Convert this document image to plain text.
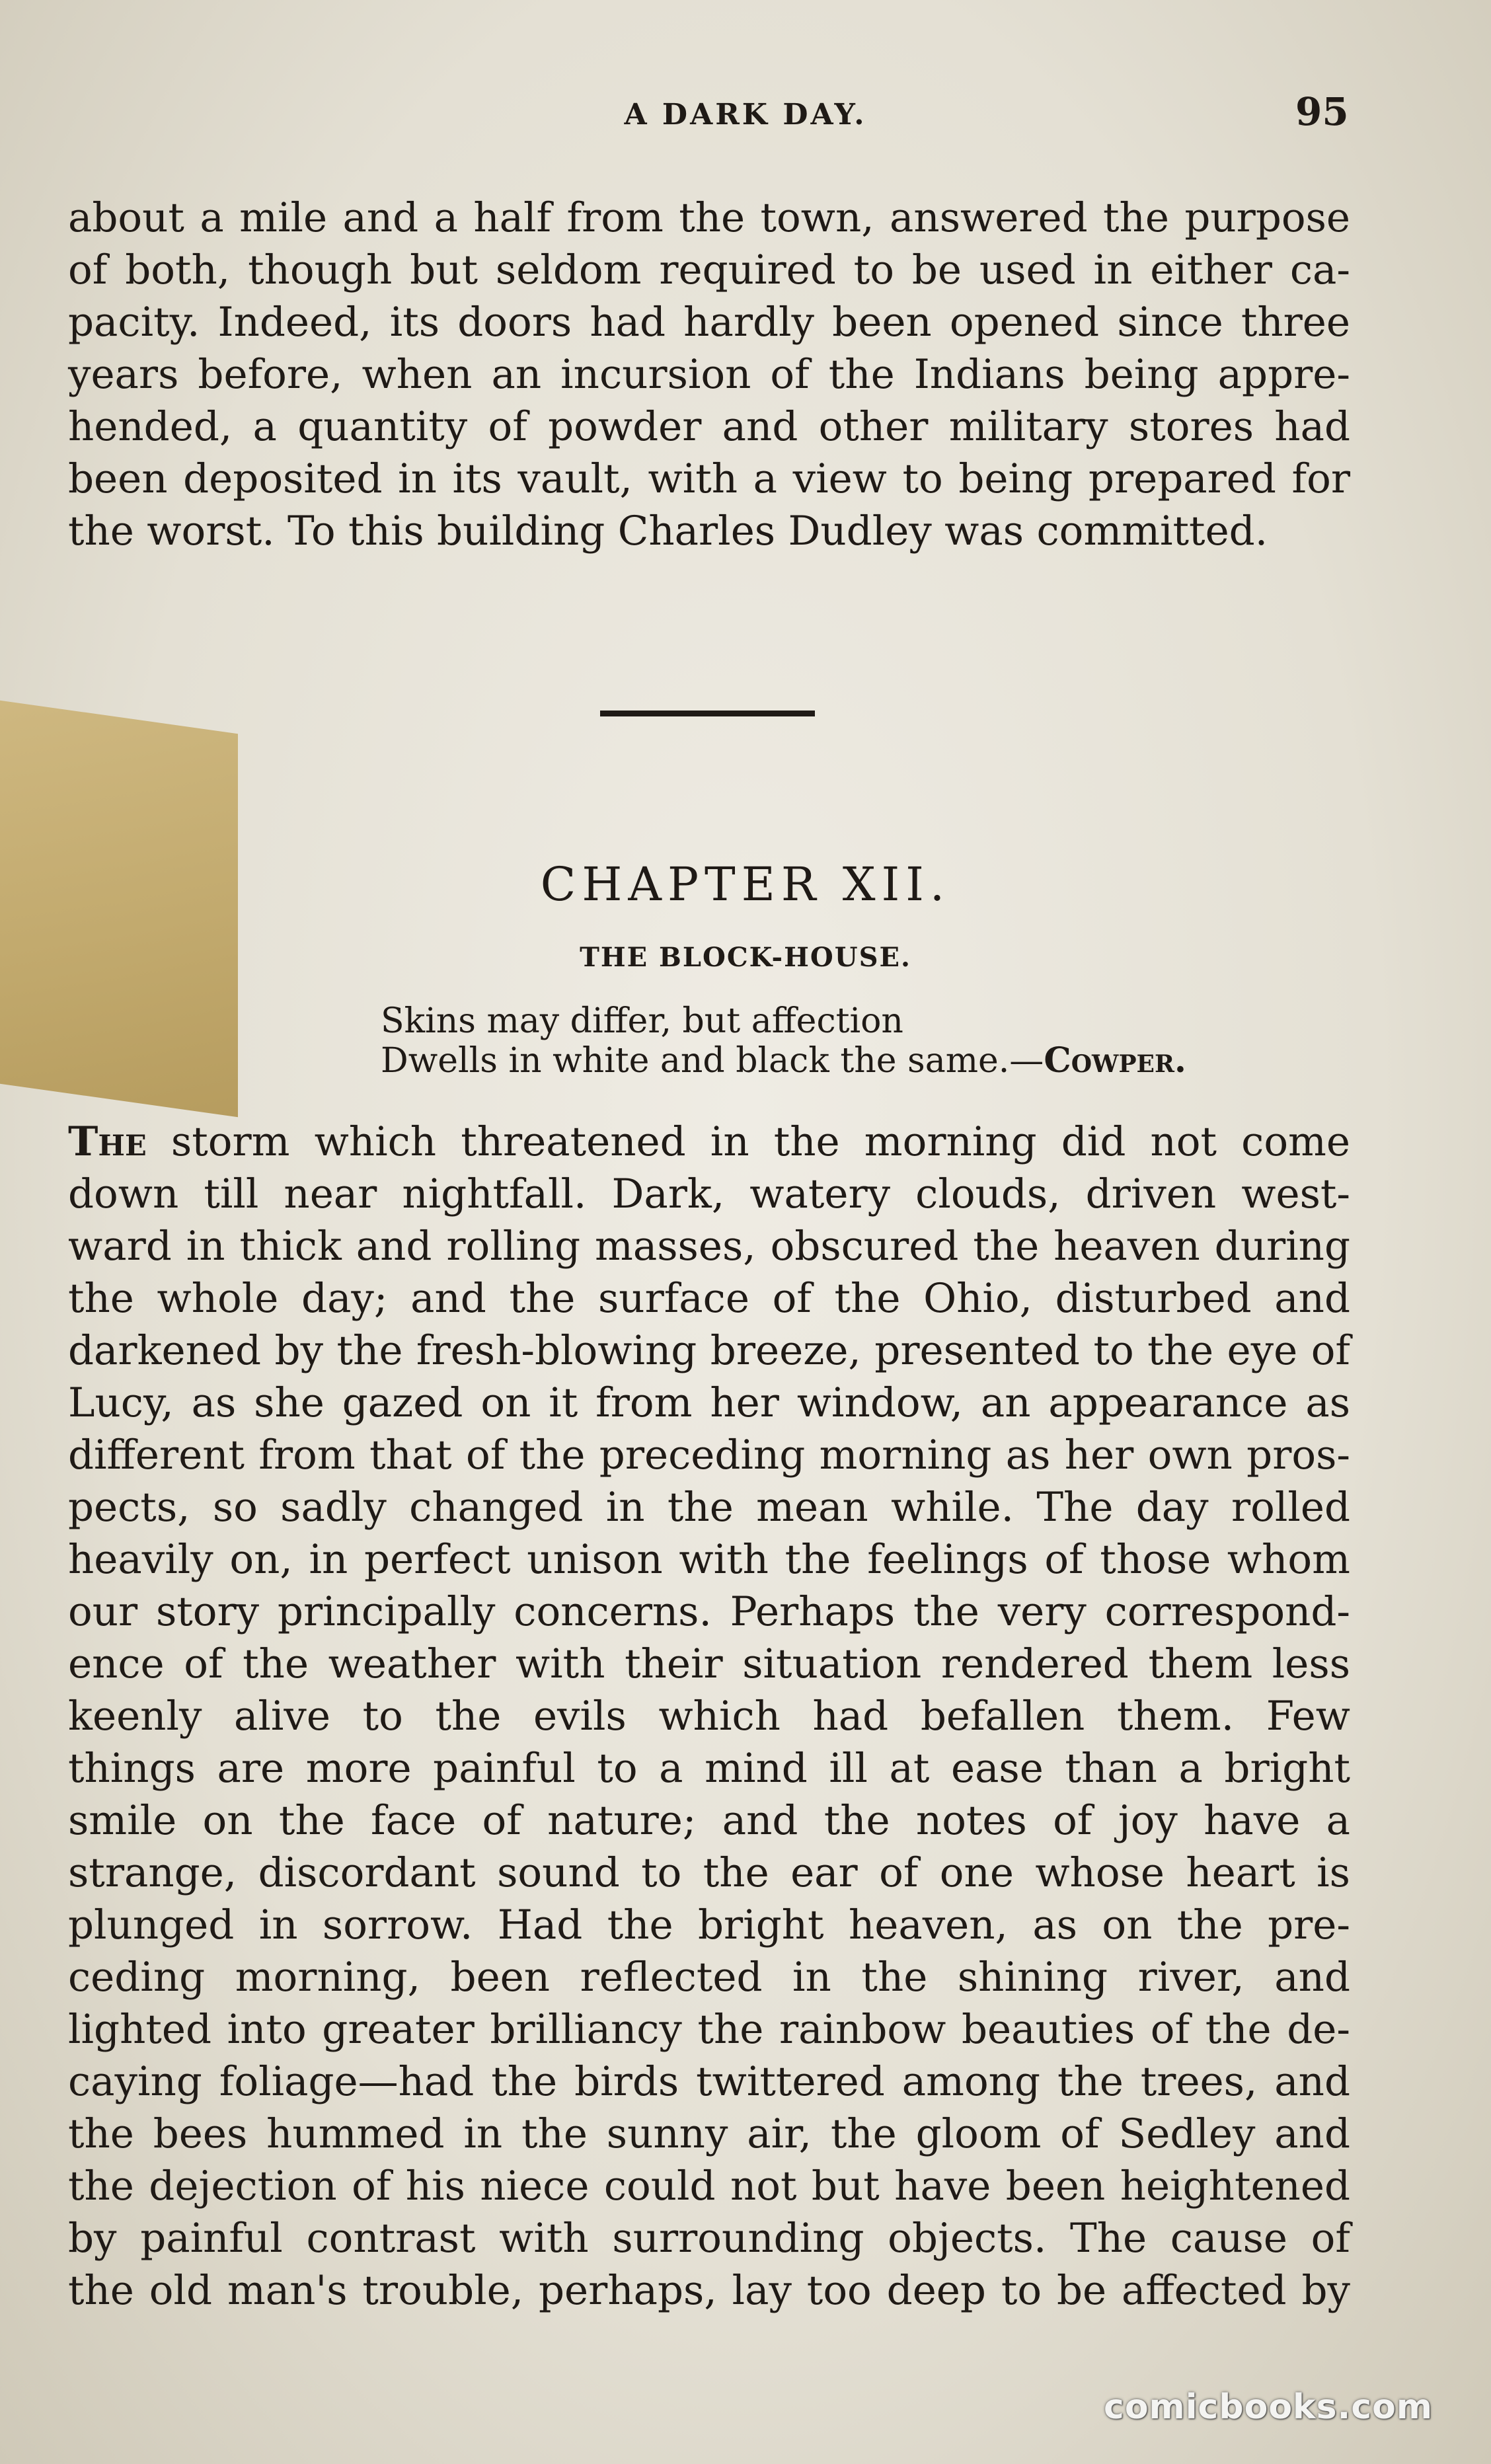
A DARK DAY.	95
about a mile and a half from the town, answered the purpose
of both, though but seldom required to be used in either ca-
pacity. Indeed, its doors had hardly been opened since three
years before, when an incursion of the Indians being appre-
hended, a quantity of powder and other military stores had
been deposited in its vault, with a view to being prepared for
the worst. To this building Charles Dudley was committed.
CHAPTER XII.
THE BLOCK-HOUSE.
Skins may differ, but affection
Dwells in white and black the same.—Cowper.
The storm which threatened in the morning did not come
down till near nightfall. Dark, watery clouds, driven west-
ward in thick and rolling masses, obscured the heaven during
the whole day; and the surface of the Ohio, disturbed and
darkened by the fresh-blowing breeze, presented to the eye of
Lucy, as she gazed on it from her window, an appearance as
different from that of the preceding morning as her own pros-
pects, so sadly changed in the mean while. The day rolled
heavily on, in perfect unison with the feelings of those whom
our story principally concerns. Perhaps the very correspond-
ence of the weather with their situation rendered them less
keenly alive to the evils which had befallen them. Few
things are more painful to a mind ill at ease than a bright
smile on the face of nature; and the notes of joy have a
strange, discordant sound to the ear of one whose heart is
plunged in sorrow. Had the bright heaven, as on the pre-
ceding morning, been reflected in the shining river, and
lighted into greater brilliancy the rainbow beauties of the de-
caying foliage—had the birds twittered among the trees, and
the bees hummed in the sunny air, the gloom of Sedley and
the dejection of his niece could not but have been heightened
by painful contrast with surrounding objects. The cause of
the old man's trouble, perhaps, lay too deep to be affected by
comicbooks.com
